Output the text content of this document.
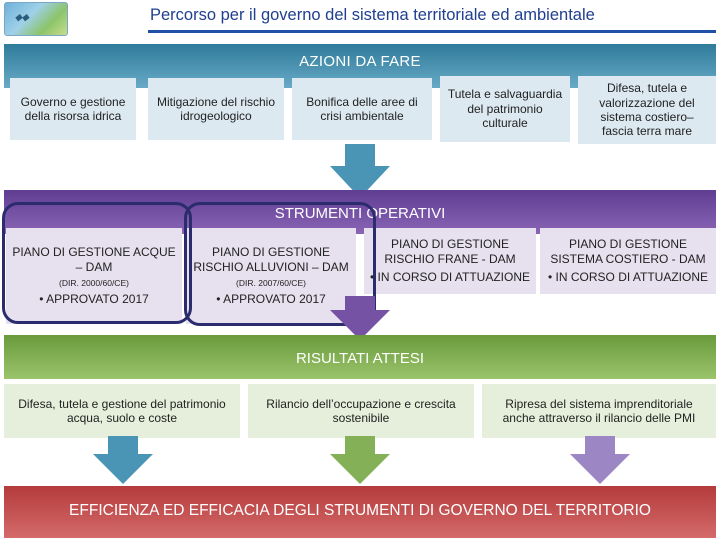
◆◆	Percorso per il governo del sistema territoriale ed ambientale
AZIONI DA FARE
Governo e gestione della risorsa idrica
Mitigazione del rischio idrogeologico
Bonifica delle aree di crisi ambientale
Tutela e salvaguardia del patrimonio culturale
Difesa, tutela e valorizzazione del sistema costiero– fascia terra mare
STRUMENTI OPERATIVI
PIANO DI GESTIONE ACQUE – DAM
(DIR. 2000/60/CE)
• APPROVATO 2017
PIANO DI GESTIONE RISCHIO ALLUVIONI – DAM
(DIR. 2007/60/CE)
• APPROVATO 2017
PIANO DI GESTIONE RISCHIO FRANE - DAM
• IN CORSO DI ATTUAZIONE
PIANO DI GESTIONE SISTEMA COSTIERO - DAM
• IN CORSO DI ATTUAZIONE
RISULTATI ATTESI
Difesa, tutela e gestione del patrimonio acqua, suolo e coste
Rilancio dell’occupazione e crescita sostenibile
Ripresa del sistema imprenditoriale anche attraverso il rilancio delle PMI
EFFICIENZA ED EFFICACIA DEGLI STRUMENTI DI GOVERNO DEL TERRITORIO
